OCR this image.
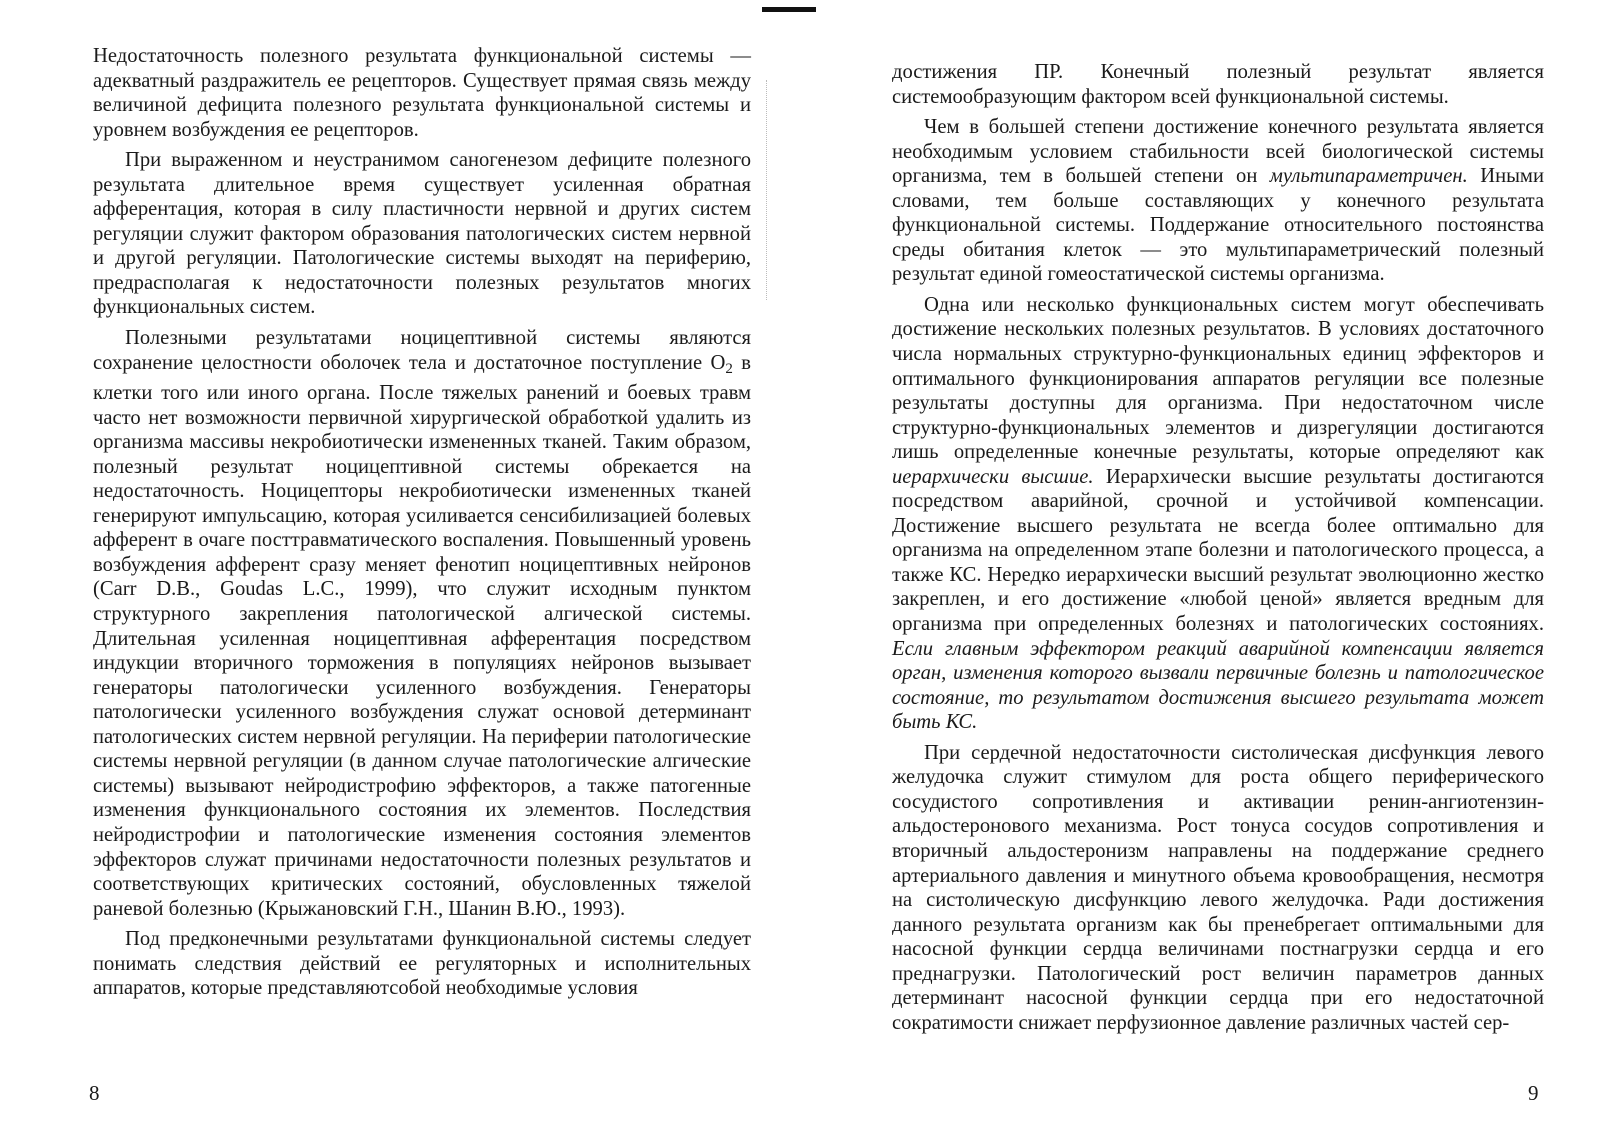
Недостаточность полезного результата функциональной системы — адекватный раздражитель ее рецепторов. Существует прямая связь между величиной дефицита полезного результата функциональной системы и уровнем возбуждения ее рецепторов.

При выраженном и неустранимом саногенезом дефиците полезного результата длительное время существует усиленная обратная афферентация, которая в силу пластичности нервной и других систем регуляции служит фактором образования патологических систем нервной и другой регуляции. Патологические системы выходят на периферию, предрасполагая к недостаточности полезных результатов многих функциональных систем.

Полезными результатами ноцицептивной системы являются сохранение целостности оболочек тела и достаточное поступление $O_2$ в клетки того или иного органа. После тяжелых ранений и боевых травм часто нет возможности первичной хирургической обработкой удалить из организма массивы некробиотически измененных тканей. Таким образом, полезный результат ноцицептивной системы обрекается на недостаточность. Ноцицепторы некробиотически измененных тканей генерируют импульсацию, которая усиливается сенсибилизацией болевых афферент в очаге посттравматического воспаления. Повышенный уровень возбуждения афферент сразу меняет фенотип ноцицептивных нейронов (Carr D.B., Goudas L.C., 1999), что служит исходным пунктом структурного закрепления патологической алгической системы. Длительная усиленная ноцицептивная афферентация посредством индукции вторичного торможения в популяциях нейронов вызывает генераторы патологически усиленного возбуждения. Генераторы патологически усиленного возбуждения служат основой детерминант патологических систем нервной регуляции. На периферии патологические системы нервной регуляции (в данном случае патологические алгические системы) вызывают нейродистрофию эффекторов, а также патогенные изменения функционального состояния их элементов. Последствия нейродистрофии и патологические изменения состояния элементов эффекторов служат причинами недостаточности полезных результатов и соответствующих критических состояний, обусловленных тяжелой раневой болезнью (Крыжановский Г.Н., Шанин В.Ю., 1993).

Под предконечными результатами функциональной системы следует понимать следствия действий ее регуляторных и исполнительных аппаратов, которые представляютсобой необходимые условия

8

достижения ПР. Конечный полезный результат является системообразующим фактором всей функциональной системы.

Чем в большей степени достижение конечного результата является необходимым условием стабильности всей биологической системы организма, тем в большей степени он мультипараметричен. Иными словами, тем больше составляющих у конечного результата функциональной системы. Поддержание относительного постоянства среды обитания клеток — это мультипараметрический полезный результат единой гомеостатической системы организма.

Одна или несколько функциональных систем могут обеспечивать достижение нескольких полезных результатов. В условиях достаточного числа нормальных структурно-функциональных единиц эффекторов и оптимального функционирования аппаратов регуляции все полезные результаты доступны для организма. При недостаточном числе структурно-функциональных элементов и дизрегуляции достигаются лишь определенные конечные результаты, которые определяют как иерархически высшие. Иерархически высшие результаты достигаются посредством аварийной, срочной и устойчивой компенсации. Достижение высшего результата не всегда более оптимально для организма на определенном этапе болезни и патологического процесса, а также КС. Нередко иерархически высший результат эволюционно жестко закреплен, и его достижение «любой ценой» является вредным для организма при определенных болезнях и патологических состояниях. Если главным эффектором реакций аварийной компенсации является орган, изменения которого вызвали первичные болезнь и патологическое состояние, то результатом достижения высшего результата может быть КС.

При сердечной недостаточности систолическая дисфункция левого желудочка служит стимулом для роста общего периферического сосудистого сопротивления и активации ренин-ангиотензин-альдостеронового механизма. Рост тонуса сосудов сопротивления и вторичный альдостеронизм направлены на поддержание среднего артериального давления и минутного объема кровообращения, несмотря на систолическую дисфункцию левого желудочка. Ради достижения данного результата организм как бы пренебрегает оптимальными для насосной функции сердца величинами постнагрузки сердца и его преднагрузки. Патологический рост величин параметров данных детерминант насосной функции сердца при его недостаточной сократимости снижает перфузионное давление различных частей сер-

9
